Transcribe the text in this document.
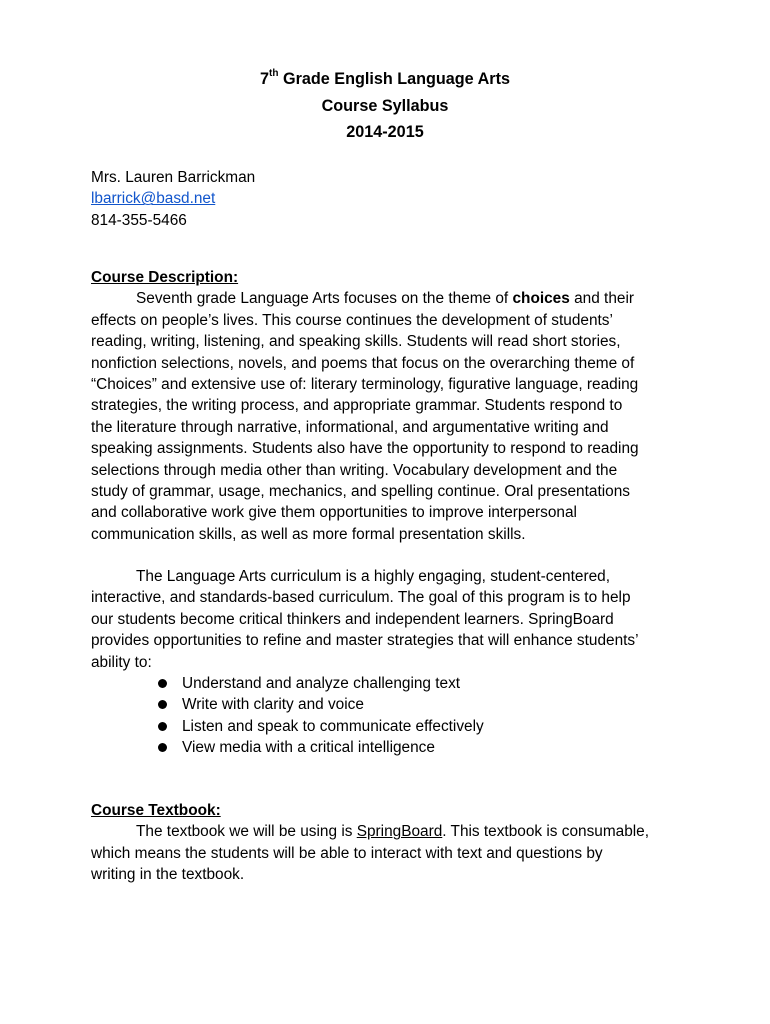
7th Grade English Language Arts
Course Syllabus
2014-2015
Mrs. Lauren Barrickman
lbarrick@basd.net
814-355-5466
Course Description:
Seventh grade Language Arts focuses on the theme of choices and their
effects on people’s lives. This course continues the development of students’
reading, writing, listening, and speaking skills. Students will read short stories,
nonfiction selections, novels, and poems that focus on the overarching theme of
“Choices” and extensive use of: literary terminology, figurative language, reading
strategies, the writing process, and appropriate grammar. Students respond to
the literature through narrative, informational, and argumentative writing and
speaking assignments. Students also have the opportunity to respond to reading
selections through media other than writing. Vocabulary development and the
study of grammar, usage, mechanics, and spelling continue. Oral presentations
and collaborative work give them opportunities to improve interpersonal
communication skills, as well as more formal presentation skills.
The Language Arts curriculum is a highly engaging, student-centered,
interactive, and standards-based curriculum. The goal of this program is to help
our students become critical thinkers and independent learners. SpringBoard
provides opportunities to refine and master strategies that will enhance students’
ability to:
Understand and analyze challenging text
Write with clarity and voice
Listen and speak to communicate effectively
View media with a critical intelligence
Course Textbook:
The textbook we will be using is SpringBoard. This textbook is consumable,
which means the students will be able to interact with text and questions by
writing in the textbook.
